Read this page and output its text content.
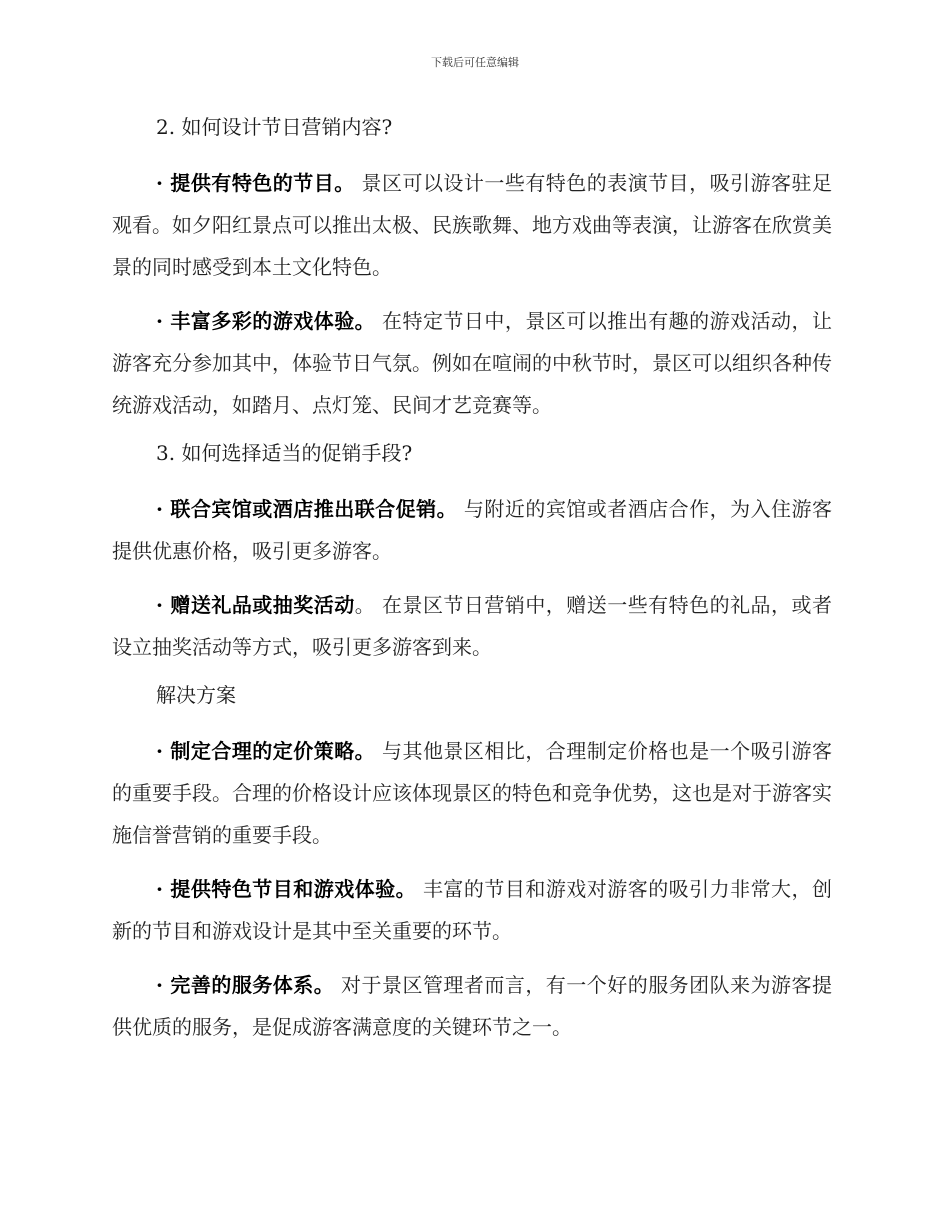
下载后可任意编辑
2. 如何设计节日营销内容?

· 提供有特色的节目。 景区可以设计一些有特色的表演节目，吸引游客驻足观看。如夕阳红景点可以推出太极、民族歌舞、地方戏曲等表演，让游客在欣赏美景的同时感受到本土文化特色。

· 丰富多彩的游戏体验。 在特定节日中，景区可以推出有趣的游戏活动，让游客充分参加其中，体验节日气氛。例如在喧闹的中秋节时，景区可以组织各种传统游戏活动，如踏月、点灯笼、民间才艺竞赛等。

3. 如何选择适当的促销手段?

· 联合宾馆或酒店推出联合促销。 与附近的宾馆或者酒店合作，为入住游客提供优惠价格，吸引更多游客。

· 赠送礼品或抽奖活动。 在景区节日营销中，赠送一些有特色的礼品，或者设立抽奖活动等方式，吸引更多游客到来。

解决方案

· 制定合理的定价策略。 与其他景区相比，合理制定价格也是一个吸引游客的重要手段。合理的价格设计应该体现景区的特色和竞争优势，这也是对于游客实施信誉营销的重要手段。

· 提供特色节目和游戏体验。 丰富的节目和游戏对游客的吸引力非常大，创新的节目和游戏设计是其中至关重要的环节。

· 完善的服务体系。 对于景区管理者而言，有一个好的服务团队来为游客提供优质的服务，是促成游客满意度的关键环节之一。
